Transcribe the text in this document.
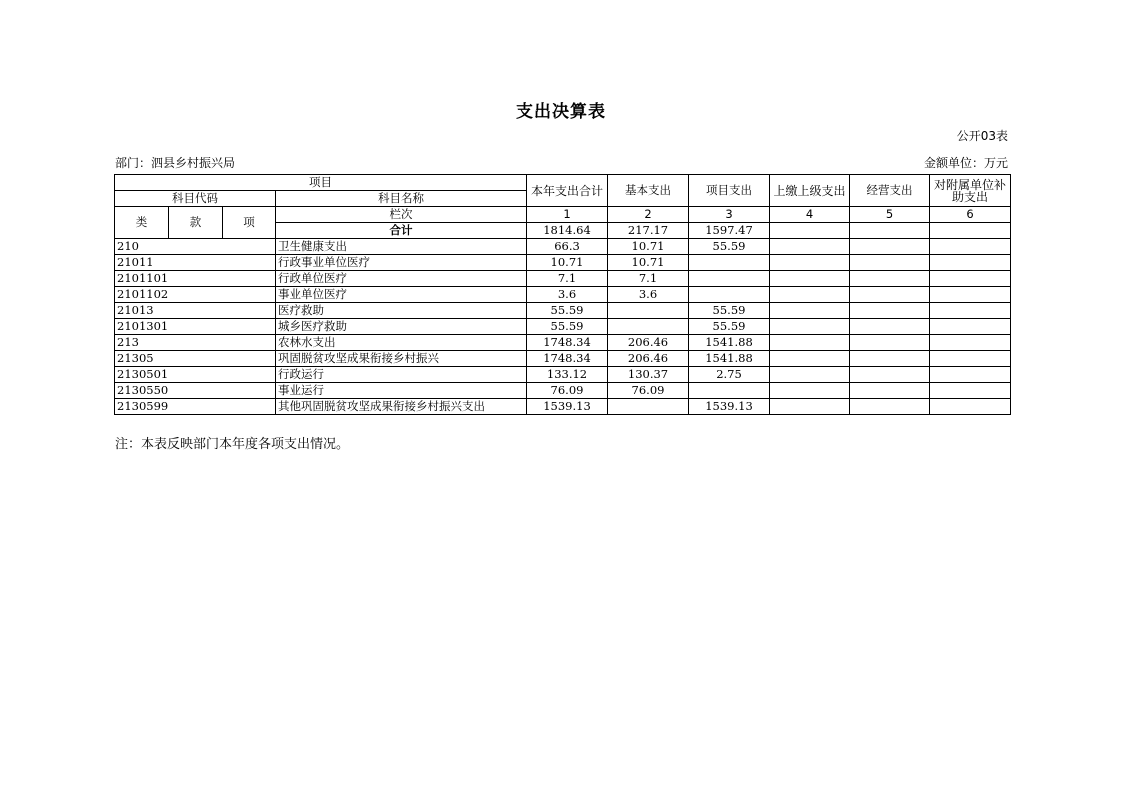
支出决算表
公开03表
部门：泗县乡村振兴局	金额单位：万元
项目				本年支出合计	基本支出	项目支出	上缴上级支出	经营支出	对附属单位补助支出
科目代码			科目名称						
类	款	项	栏次	1	2	3	4	5	6
			合计	1814.64	217.17	1597.47			
210			卫生健康支出	66.3	10.71	55.59			
21011			行政事业单位医疗	10.71	10.71				
2101101			行政单位医疗	7.1	7.1				
2101102			事业单位医疗	3.6	3.6				
21013			医疗救助	55.59		55.59			
2101301			城乡医疗救助	55.59		55.59			
213			农林水支出	1748.34	206.46	1541.88			
21305			巩固脱贫攻坚成果衔接乡村振兴	1748.34	206.46	1541.88			
2130501			行政运行	133.12	130.37	2.75			
2130550			事业运行	76.09	76.09				
2130599			其他巩固脱贫攻坚成果衔接乡村振兴支出	1539.13		1539.13			
注：本表反映部门本年度各项支出情况。
